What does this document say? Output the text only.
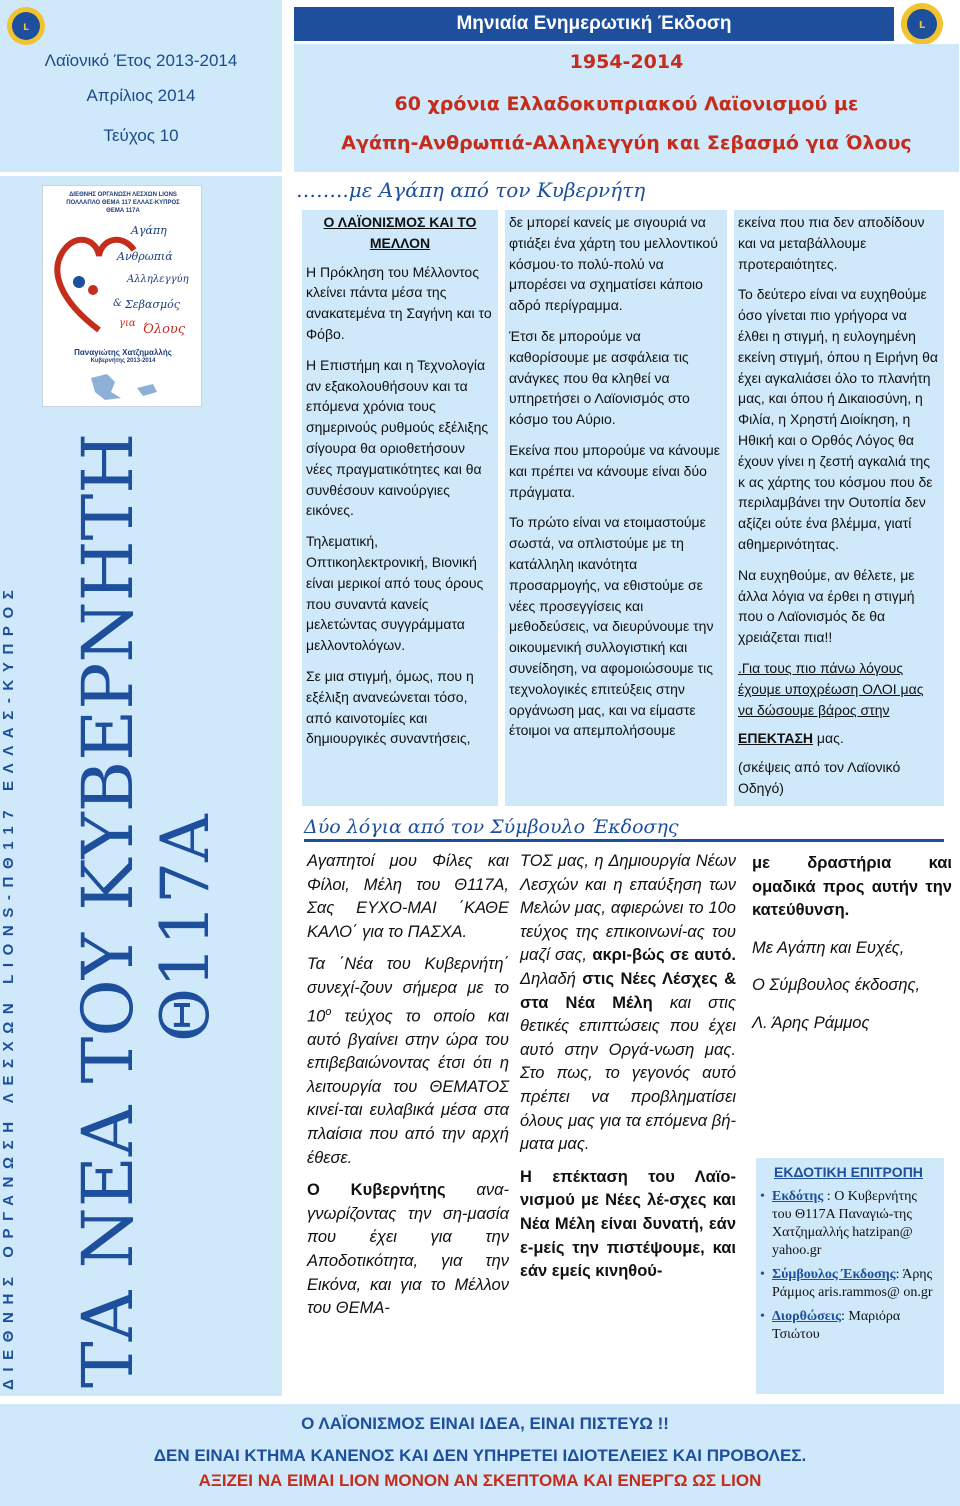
L
Λαϊονικό Έτος 2013-2014
Απρίλιος 2014
Τεύχος 10
Μηνιαία Ενημερωτική Έκδοση	L
1954-2014
60 χρόνια Ελλαδοκυπριακού Λαϊονισμού με
Αγάπη-Ανθρωπιά-Αλληλεγγύη και Σεβασμό για Όλους
ΔΙΕΘΝΗΣ ΟΡΓΑΝΩΣΗ ΛΕΣΧΩΝ LIONS
ΠΟΛΛΑΠΛΟ ΘΕΜΑ 117 ΕΛΛΑΣ-ΚΥΠΡΟΣ
ΘΕΜΑ 117Α
Αγάπη
Ανθρωπιά
Αλληλεγγύη
& Σεβασμός
για Όλους
Παναγιώτης Χατζημαλλής
Κυβερνήτης 2013-2014
ΔΙΕΘΝΗΣ ΟΡΓΑΝΩΣΗ ΛΕΣΧΩΝ LIONS-ΠΘ117 ΕΛΛΑΣ-ΚΥΠΡΟΣ ΤΑ ΝΕΑ ΤΟΥ ΚΥΒΕΡΝΗΤΗ
Θ117Α
……..με Αγάπη από τον Κυβερνήτη
Ο ΛΑΪΟΝΙΣΜΟΣ ΚΑΙ ΤΟ ΜΕΛΛΟΝ

Η Πρόκληση του Μέλλοντος κλείνει πάντα μέσα της ανακατεμένα τη Σαγήνη και το Φόβο.

Η Επιστήμη και η Τεχνολογία αν εξακολουθήσουν και τα επόμενα χρόνια τους σημερινούς ρυθμούς εξέλιξης σίγουρα θα οριοθετήσουν νέες πραγματικότητες και θα συνθέσουν καινούργιες εικόνες.

Τηλεματική, Οπτικοηλεκτρονική, Βιονική είναι μερικοί από τους όρους που συναντά κανείς μελετώντας συγγράμματα μελλοντολόγων.

Σε μια στιγμή, όμως, που η εξέλιξη ανανεώνεται τόσο, από καινοτομίες και δημιουργικές συναντήσεις,

δε μπορεί κανείς με σιγουριά να φτιάξει ένα χάρτη του μελλοντικού κόσμου·το πολύ-πολύ να μπορέσει να σχηματίσει κάποιο αδρό περίγραμμα.

Έτσι δε μπορούμε να καθορίσουμε με ασφάλεια τις ανάγκες που θα κληθεί να υπηρετήσει ο Λαϊονισμός στο κόσμο του Αύριο.

Εκείνα που μπορούμε να κάνουμε και πρέπει να κάνουμε είναι δύο πράγματα.

Το πρώτο είναι να ετοιμαστούμε σωστά, να οπλιστούμε με τη κατάλληλη ικανότητα προσαρμογής, να εθιστούμε σε νέες προσεγγίσεις και μεθοδεύσεις, να διευρύνουμε την οικουμενική συλλογιστική και συνείδηση, να αφομοιώσουμε τις τεχνολογικές επιτεύξεις στην οργάνωση μας, και να είμαστε έτοιμοι να απεμπολήσουμε

εκείνα που πια δεν αποδίδουν και να μεταβάλλουμε προτεραιότητες.

Το δεύτερο είναι να ευχηθούμε όσο γίνεται πιο γρήγορα να έλθει η στιγμή, η ευλογημένη εκείνη στιγμή, όπου η Ειρήνη θα έχει αγκαλιάσει όλο το πλανήτη μας, και όπου ή Δικαιοσύνη, η Φιλία, η Χρηστή Διοίκηση, η Ηθική και ο Ορθός Λόγος θα έχουν γίνει η ζεστή αγκαλιά της κ ας χάρτης του κόσμου που δε περιλαμβάνει την Ουτοπία δεν αξίζει ούτε ένα βλέμμα, γιατί αθημερινότητας.

Να ευχηθούμε, αν θέλετε, με άλλα λόγια να έρθει η στιγμή που ο Λαϊονισμός δε θα χρειάζεται πια!!

.Για τους πιο πάνω λόγους έχουμε υποχρέωση ΟΛΟΙ μας να δώσουμε βάρος στην

ΕΠΕΚΤΑΣΗ μας.

(σκέψεις από τον Λαϊονικό Οδηγό)

Δύο λόγια από τον Σύμβουλο Έκδοσης

Αγαπητοί μου Φίλες και Φίλοι, Μέλη του Θ117Α, Σας ΕΥΧΟ-ΜΑΙ ΄ΚΑΘΕ ΚΑΛΟ΄ για το ΠΑΣΧΑ.

Τα ΄Νέα του Κυβερνήτη΄ συνεχί-ζουν σήμερα με το $10^o$ τεύχος το οποίο και αυτό βγαίνει στην ώρα του επιβεβαιώνοντας έτσι ότι η λειτουργία του ΘΕΜΑΤΟΣ κινεί-ται ευλαβικά μέσα στα πλαίσια που από την αρχή έθεσε.

Ο Κυβερνήτης ανα-γνωρίζοντας την ση-μασία που έχει για την Αποδοτικότητα, για την Εικόνα, και για το Μέλλον του ΘΕΜΑ-

ΤΟΣ μας, η Δημιουργία Νέων Λεσχών και η επαύξηση των Μελών μας, αφιερώνει το 10ο τεύχος της επικοινωνί-ας του μαζί σας, ακρι-βώς σε αυτό. Δηλαδή στις Νέες Λέσχες & στα Νέα Μέλη και στις θετικές επιπτώσεις που έχει αυτό στην Οργά-νωση μας. Στο πως, το γεγονός αυτό πρέπει να προβληματίσει όλους μας για τα επόμενα βή-ματα μας.

Η επέκταση του Λαϊο-νισμού με Νέες λέ-σχες και Νέα Μέλη είναι δυνατή, εάν ε-μείς την πιστέψουμε, και εάν εμείς κινηθού-

με δραστήρια και ομαδικά προς αυτήν την κατεύθυνση.

Με Αγάπη και Ευχές,

Ο Σύμβουλος έκδοσης,

Λ. Άρης Ράμμος

ΕΚΔΟΤΙΚΗ ΕΠΙΤΡΟΠΗ
• Εκδότης : Ο Κυβερνήτης του Θ117Α Παναγιώ-της Χατζημαλλής hatzipan@ yahoo.gr
• Σύμβουλος Έκδοσης: Άρης Ράμμος aris.rammos@ on.gr
• Διορθώσεις: Μαριόρα Τσιώτου
Ο ΛΑΪΟΝΙΣΜΟΣ ΕΙΝΑΙ ΙΔΕΑ, ΕΙΝΑΙ ΠΙΣΤΕΥΩ !!
ΔΕΝ ΕΙΝΑΙ ΚΤΗΜΑ ΚΑΝΕΝΟΣ ΚΑΙ ΔΕΝ ΥΠΗΡΕΤΕΙ ΙΔΙΟΤΕΛΕΙΕΣ ΚΑΙ ΠΡΟΒΟΛΕΣ.
ΑΞΙΖΕΙ ΝΑ ΕΙΜΑΙ LION ΜΟΝΟΝ ΑΝ ΣΚΕΠΤΟΜΑ ΚΑΙ ΕΝΕΡΓΩ ΩΣ LION
